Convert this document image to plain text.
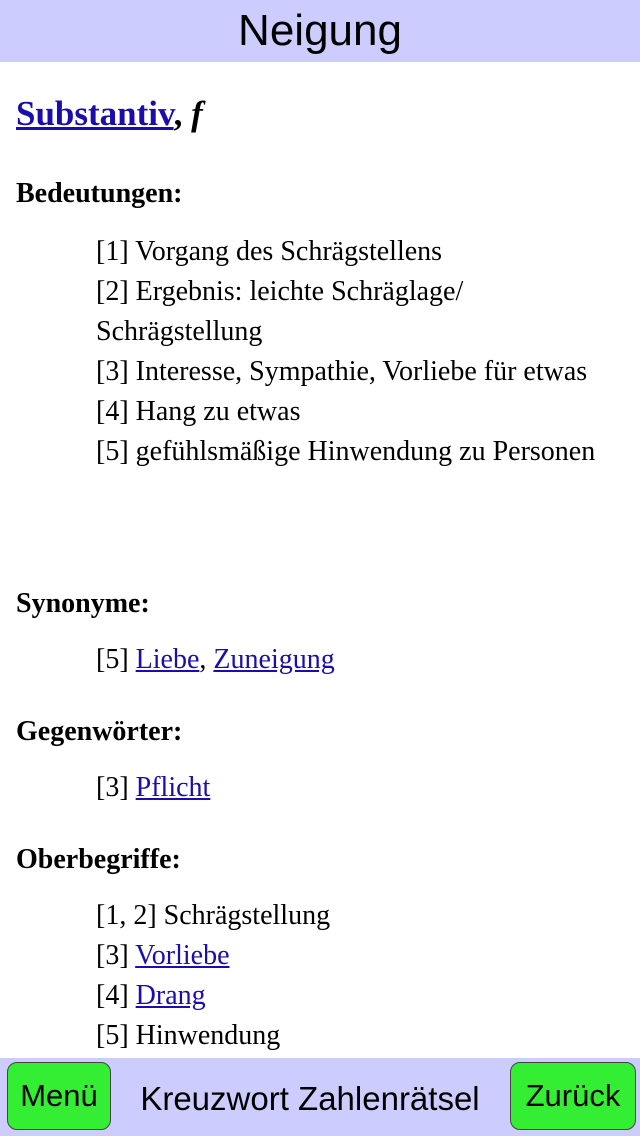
Neigung
Substantiv, f
Bedeutungen:
[1] Vorgang des Schrägstellens
[2] Ergebnis: leichte Schräglage/ Schrägstellung
[3] Interesse, Sympathie, Vorliebe für etwas
[4] Hang zu etwas
[5] gefühlsmäßige Hinwendung zu Personen
Synonyme:
[5] Liebe, Zuneigung
Gegenwörter:
[3] Pflicht
Oberbegriffe:
[1, 2] Schrägstellung
[3] Vorliebe
[4] Drang
[5] Hinwendung
Menü	Kreuzwort Zahlenrätsel	Zurück
